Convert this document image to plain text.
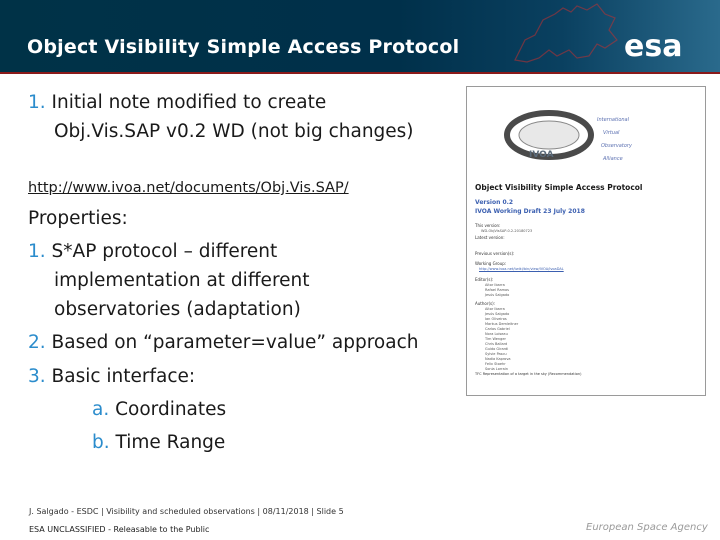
Object Visibility Simple Access Protocol	esa
1. Initial note modified to create
Obj.Vis.SAP v0.2 WD (not big changes)
http://www.ivoa.net/documents/Obj.Vis.SAP/
Properties:
1. S*AP protocol – different
implementation at different
observatories (adaptation)
2. Based on “parameter=value” approach
3. Basic interface:
a. Coordinates
b. Time Range
IVOA
International
Virtual
Observatory
Alliance
Object Visibility Simple Access Protocol
Version 0.2
IVOA Working Draft 23 July 2018
This version:
WD-ObjVisSAP-0.2-20180723
Latest version:
Previous version(s):
Working Group:
http://www.ivoa.net/twiki/bin/view/IVOA/IvoaDAL
Editor(s):
Aitor Ibarra
Rafael Ramos
Jesús Salgado
Author(s):
Aitor Ibarra
Jesús Salgado
Ian Oliveiros
Markus Demleitner
Carlos Gabriel
Nora Loiseau
Tim Wenger
Chris Ballard
Guido Girardi
Sylvie Pascu
Nadia Kaprova
Felix Stoehr
Sonia Lorrain
TFC Representation of a target in the sky (Recommendation)
J. Salgado - ESDC | Visibility and scheduled observations | 08/11/2018 | Slide 5
ESA UNCLASSIFIED - Releasable to the Public	European Space Agency
